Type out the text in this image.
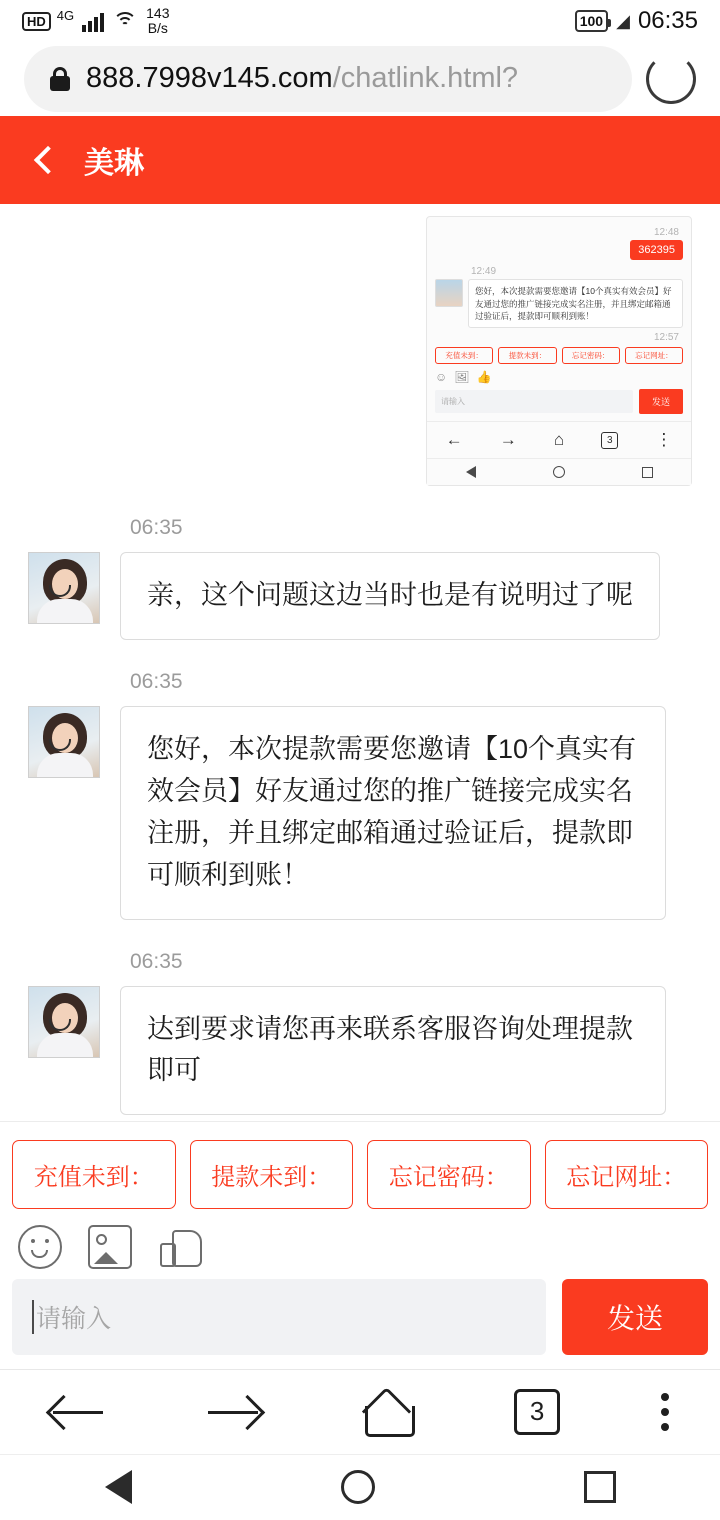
HD 4G	143
B/s	100 ◢ 06:35
888.7998v145.com/chatlink.html?
美琳
12:48
362395
12:49
您好，本次提款需要您邀请【10个真实有效会员】好友通过您的推广链接完成实名注册，并且绑定邮箱通过验证后，提款即可顺利到账！
12:57
充值未到：	提款未到：	忘记密码：	忘记网址：
☺ 🖼 👍
请输入	发送
← → ⌂	3	⋮
06:35
亲，这个问题这边当时也是有说明过了呢
06:35
您好，本次提款需要您邀请【10个真实有效会员】好友通过您的推广链接完成实名注册，并且绑定邮箱通过验证后，提款即可顺利到账！
06:35
达到要求请您再来联系客服咨询处理提款即可
充值未到：	提款未到：	忘记密码：	忘记网址：
请输入	发送
3
